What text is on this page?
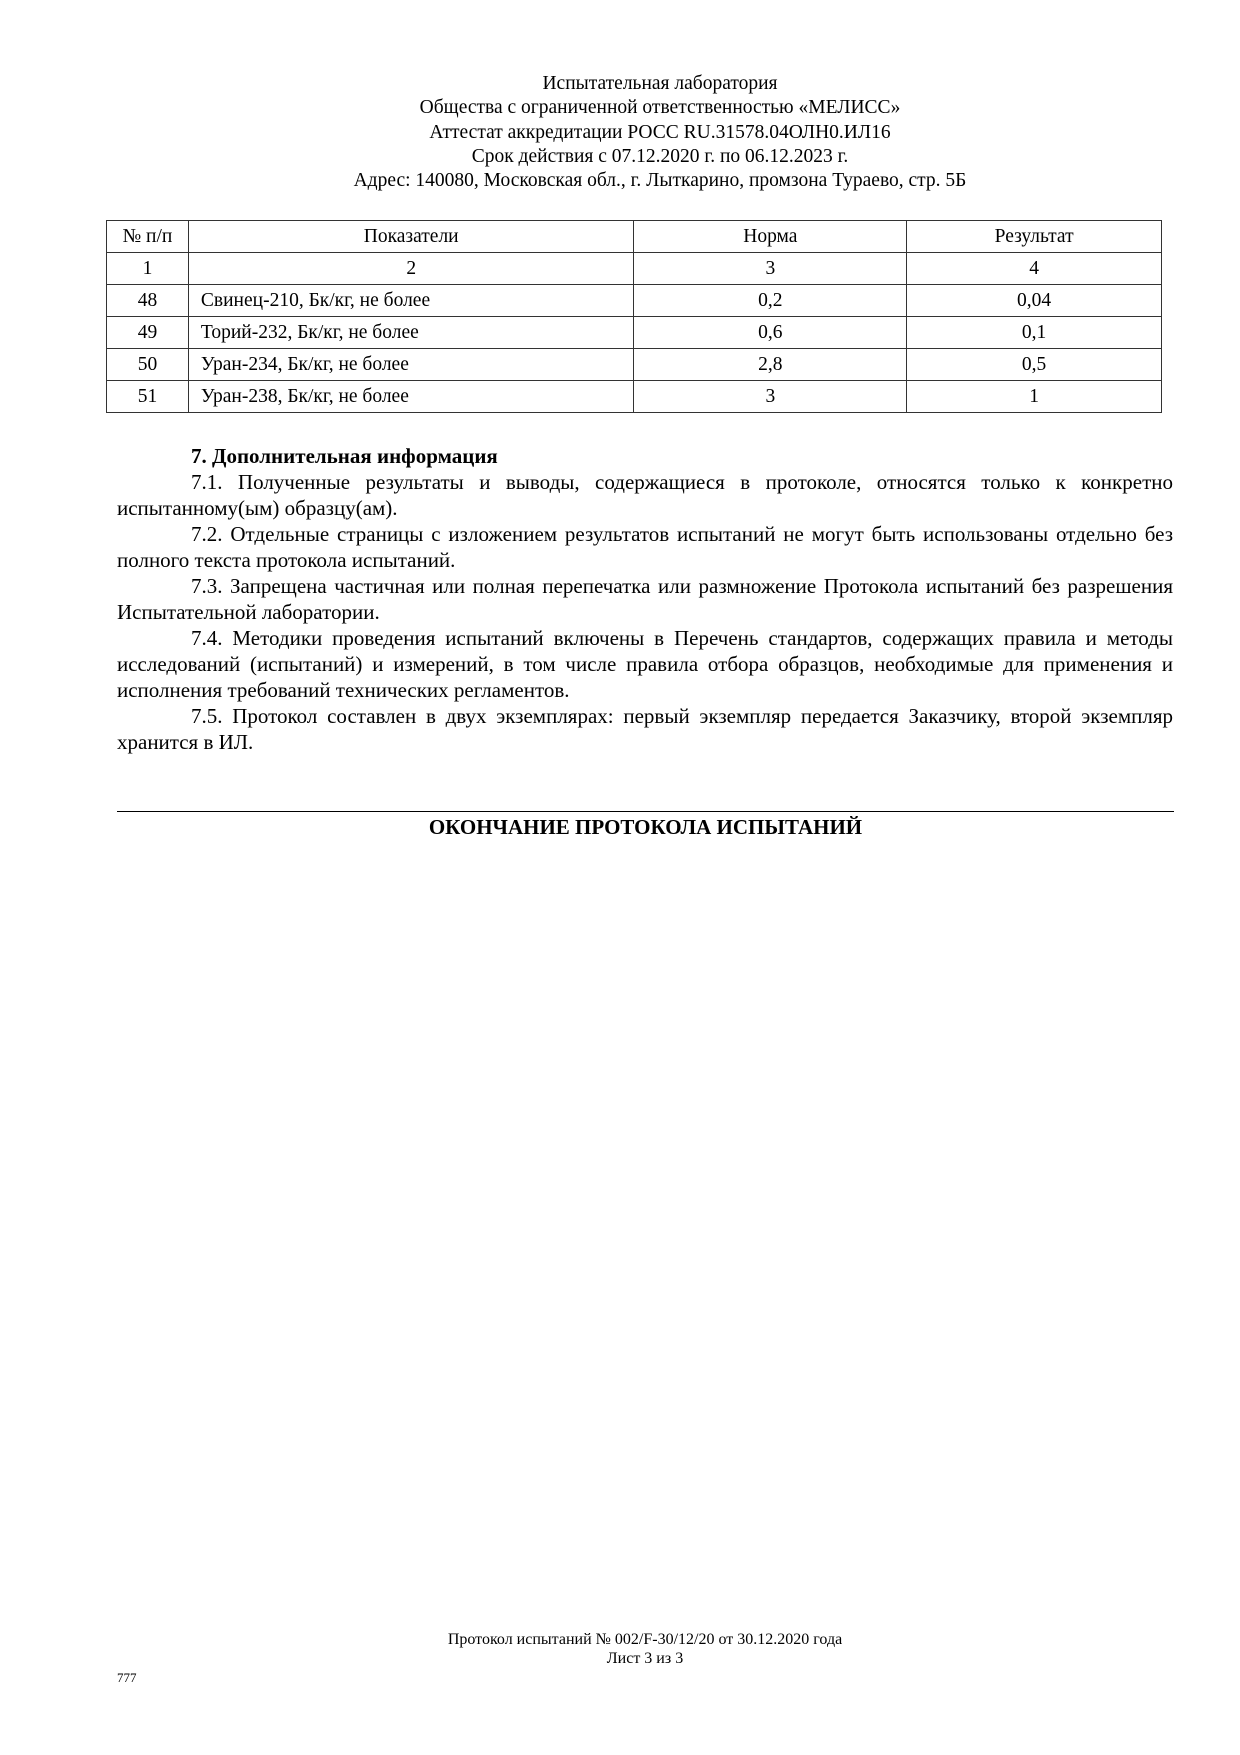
Испытательная лаборатория
Общества с ограниченной ответственностью «МЕЛИСС»
Аттестат аккредитации РОСС RU.31578.04ОЛН0.ИЛ16
Срок действия с 07.12.2020 г. по 06.12.2023 г.
Адрес: 140080, Московская обл., г. Лыткарино, промзона Тураево, стр. 5Б
№ п/п	Показатели	Норма	Результат
1	2	3	4
48	Свинец-210, Бк/кг, не более	0,2	0,04
49	Торий-232, Бк/кг, не более	0,6	0,1
50	Уран-234, Бк/кг, не более	2,8	0,5
51	Уран-238, Бк/кг, не более	3	1

7. Дополнительная информация

7.1. Полученные результаты и выводы, содержащиеся в протоколе, относятся только к конкретно испытанному(ым) образцу(ам).

7.2. Отдельные страницы с изложением результатов испытаний не могут быть использованы отдельно без полного текста протокола испытаний.

7.3. Запрещена частичная или полная перепечатка или размножение Протокола испытаний без разрешения Испытательной лаборатории.

7.4. Методики проведения испытаний включены в Перечень стандартов, содержащих правила и методы исследований (испытаний) и измерений, в том числе правила отбора образцов, необходимые для применения и исполнения требований технических регламентов.

7.5. Протокол составлен в двух экземплярах: первый экземпляр передается Заказчику, второй экземпляр хранится в ИЛ.

ОКОНЧАНИЕ ПРОТОКОЛА ИСПЫТАНИЙ
Протокол испытаний № 002/F-30/12/20 от 30.12.2020 года
Лист 3 из 3
777
